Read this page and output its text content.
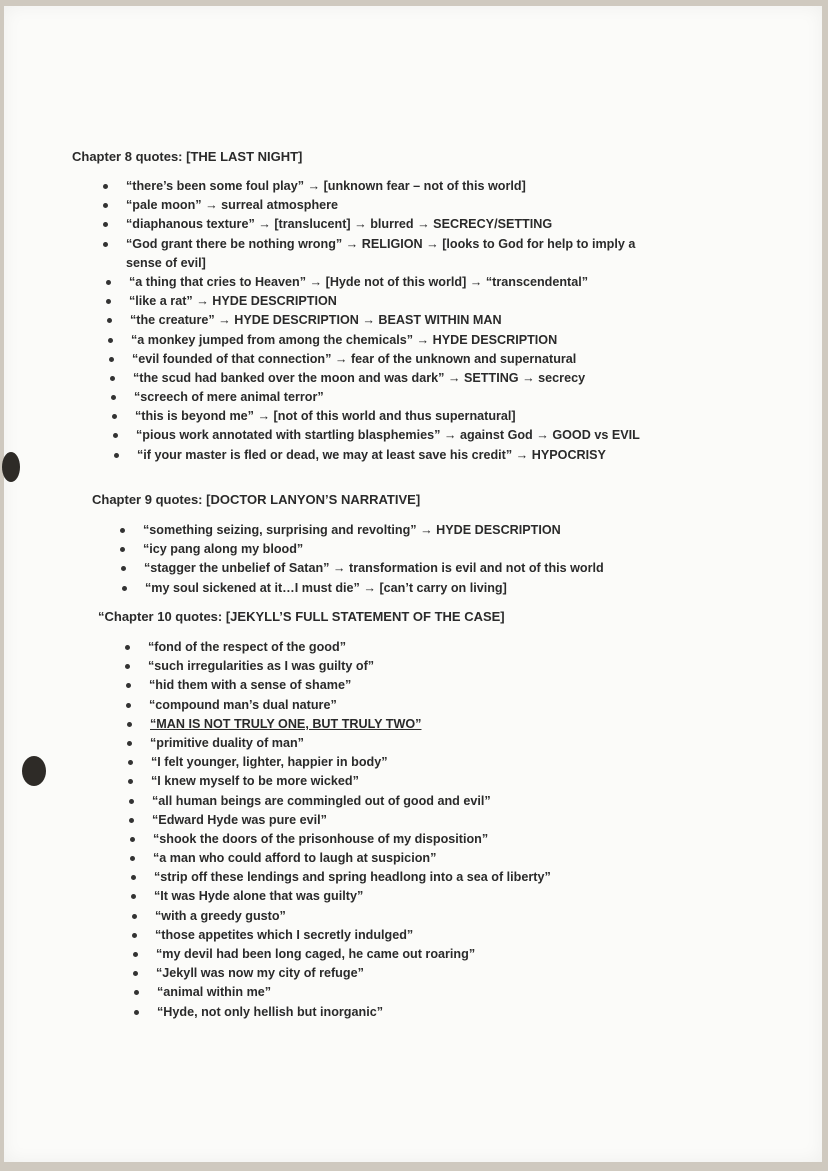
Chapter 8 quotes: [THE LAST NIGHT]
“there’s been some foul play” → [unknown fear – not of this world]
“pale moon” → surreal atmosphere
“diaphanous texture” → [translucent] → blurred → SECRECY/SETTING
“God grant there be nothing wrong” → RELIGION → [looks to God for help to imply a sense of evil]
“a thing that cries to Heaven” → [Hyde not of this world] → “transcendental”
“like a rat” → HYDE DESCRIPTION
“the creature” → HYDE DESCRIPTION → BEAST WITHIN MAN
“a monkey jumped from among the chemicals” → HYDE DESCRIPTION
“evil founded of that connection” → fear of the unknown and supernatural
“the scud had banked over the moon and was dark” → SETTING → secrecy
“screech of mere animal terror”
“this is beyond me” → [not of this world and thus supernatural]
“pious work annotated with startling blasphemies” → against God → GOOD vs EVIL
“if your master is fled or dead, we may at least save his credit” → HYPOCRISY
Chapter 9 quotes: [DOCTOR LANYON’S NARRATIVE]
“something seizing, surprising and revolting” → HYDE DESCRIPTION
“icy pang along my blood”
“stagger the unbelief of Satan” → transformation is evil and not of this world
“my soul sickened at it…I must die” → [can’t carry on living]
“Chapter 10 quotes: [JEKYLL’S FULL STATEMENT OF THE CASE]
“fond of the respect of the good”
“such irregularities as I was guilty of”
“hid them with a sense of shame”
“compound man’s dual nature”
“MAN IS NOT TRULY ONE, BUT TRULY TWO”
“primitive duality of man”
“I felt younger, lighter, happier in body”
“I knew myself to be more wicked”
“all human beings are commingled out of good and evil”
“Edward Hyde was pure evil”
“shook the doors of the prisonhouse of my disposition”
“a man who could afford to laugh at suspicion”
“strip off these lendings and spring headlong into a sea of liberty”
“It was Hyde alone that was guilty”
“with a greedy gusto”
“those appetites which I secretly indulged”
“my devil had been long caged, he came out roaring”
“Jekyll was now my city of refuge”
“animal within me”
“Hyde, not only hellish but inorganic”
